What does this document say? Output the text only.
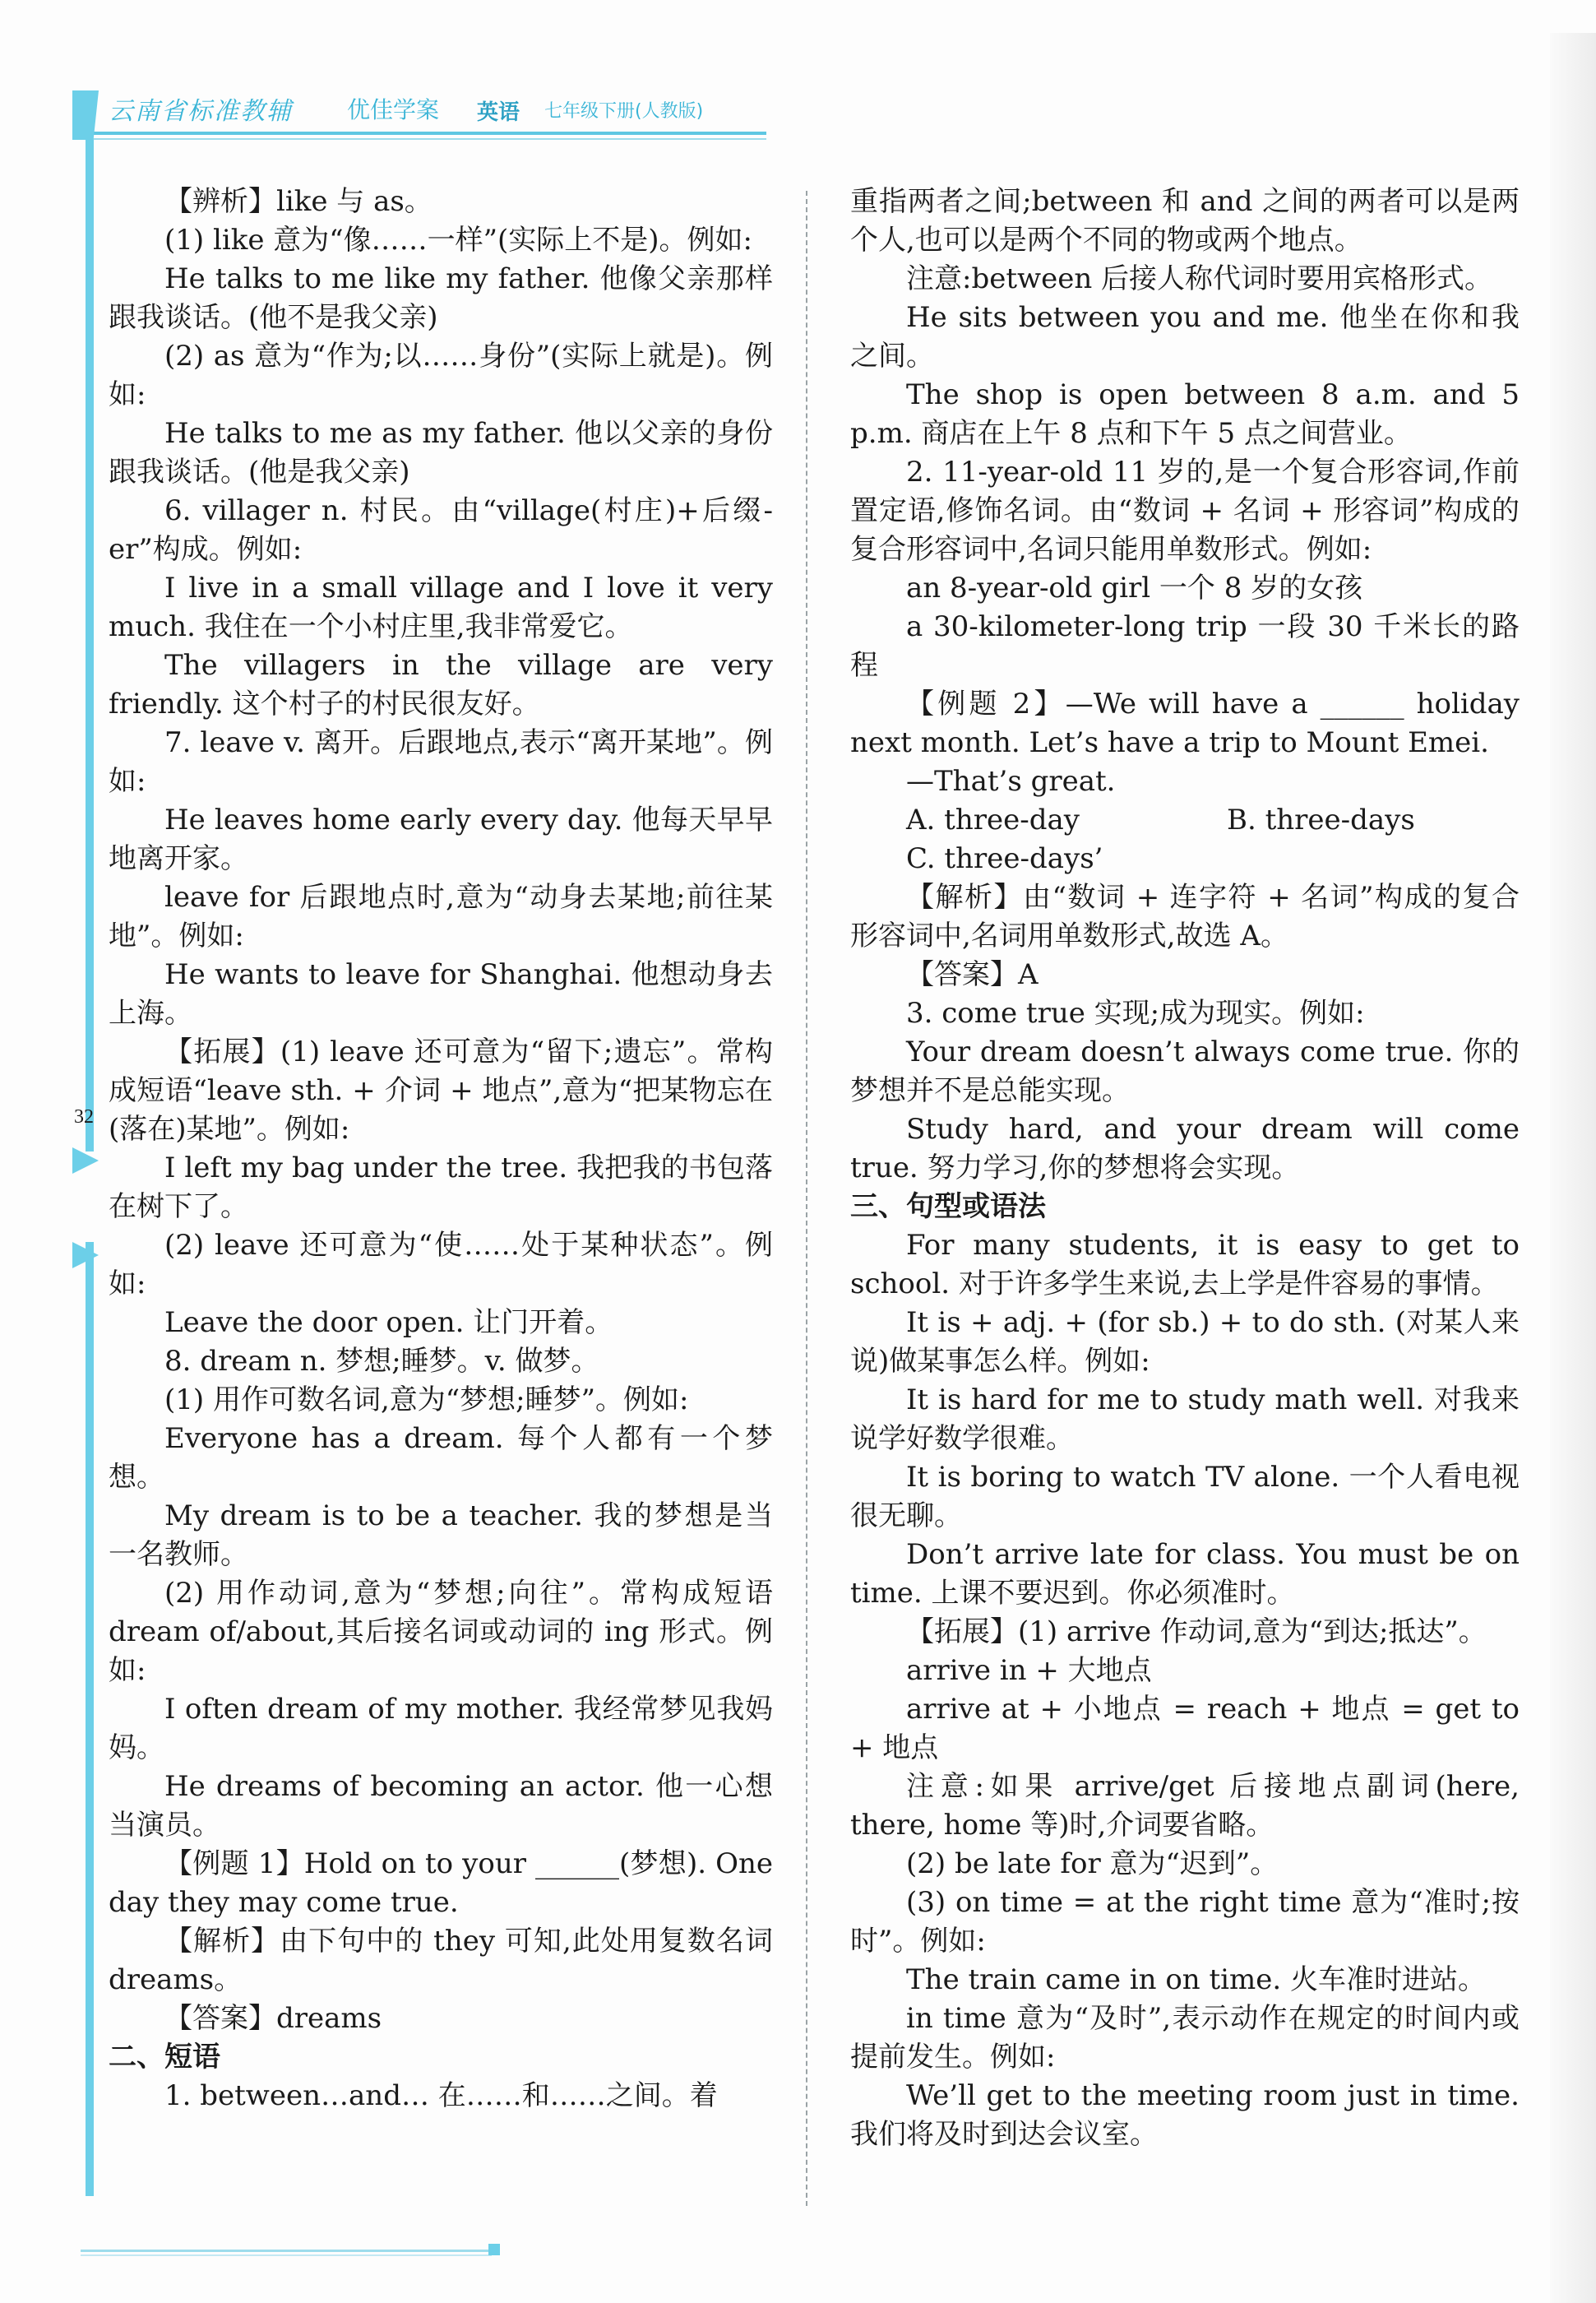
云南省标准教辅 优佳学案 英语 七年级下册(人教版)
32

【辨析】like 与 as。

(1) like 意为“像……一样”(实际上不是)。例如:

He talks to me like my father. 他像父亲那样跟我谈话。(他不是我父亲)

(2) as 意为“作为;以……身份”(实际上就是)。例如:

He talks to me as my father. 他以父亲的身份跟我谈话。(他是我父亲)

6. villager n. 村民。由“village(村庄)+后缀-er”构成。例如:

I live in a small village and I love it very much. 我住在一个小村庄里,我非常爱它。

The villagers in the village are very friendly. 这个村子的村民很友好。

7. leave v. 离开。后跟地点,表示“离开某地”。例如:

He leaves home early every day. 他每天早早地离开家。

leave for 后跟地点时,意为“动身去某地;前往某地”。例如:

He wants to leave for Shanghai. 他想动身去上海。

【拓展】(1) leave 还可意为“留下;遗忘”。常构成短语“leave sth. + 介词 + 地点”,意为“把某物忘在(落在)某地”。例如:

I left my bag under the tree. 我把我的书包落在树下了。

(2) leave 还可意为“使……处于某种状态”。例如:

Leave the door open. 让门开着。

8. dream n. 梦想;睡梦。v. 做梦。

(1) 用作可数名词,意为“梦想;睡梦”。例如:

Everyone has a dream. 每个人都有一个梦想。

My dream is to be a teacher. 我的梦想是当一名教师。

(2) 用作动词,意为“梦想;向往”。常构成短语 dream of/about,其后接名词或动词的 ing 形式。例如:

I often dream of my mother. 我经常梦见我妈妈。

He dreams of becoming an actor. 他一心想当演员。

【例题 1】Hold on to your ______(梦想). One day they may come true.

【解析】由下句中的 they 可知,此处用复数名词 dreams。

【答案】dreams

二、短语

1. between…and… 在……和……之间。着

重指两者之间;between 和 and 之间的两者可以是两个人,也可以是两个不同的物或两个地点。

注意:between 后接人称代词时要用宾格形式。

He sits between you and me. 他坐在你和我之间。

The shop is open between 8 a.m. and 5 p.m. 商店在上午 8 点和下午 5 点之间营业。

2. 11-year-old 11 岁的,是一个复合形容词,作前置定语,修饰名词。由“数词 + 名词 + 形容词”构成的复合形容词中,名词只能用单数形式。例如:

an 8-year-old girl 一个 8 岁的女孩

a 30-kilometer-long trip 一段 30 千米长的路程

【例题 2】—We will have a ______ holiday next month. Let’s have a trip to Mount Emei.

—That’s great.

A. three-day	B. three-days

C. three-days’

【解析】由“数词 + 连字符 + 名词”构成的复合形容词中,名词用单数形式,故选 A。

【答案】A

3. come true 实现;成为现实。例如:

Your dream doesn’t always come true. 你的梦想并不是总能实现。

Study hard, and your dream will come true. 努力学习,你的梦想将会实现。

三、句型或语法

For many students, it is easy to get to school. 对于许多学生来说,去上学是件容易的事情。

It is + adj. + (for sb.) + to do sth. (对某人来说)做某事怎么样。例如:

It is hard for me to study math well. 对我来说学好数学很难。

It is boring to watch TV alone. 一个人看电视很无聊。

Don’t arrive late for class. You must be on time. 上课不要迟到。你必须准时。

【拓展】(1) arrive 作动词,意为“到达;抵达”。

arrive in + 大地点

arrive at + 小地点 = reach + 地点 = get to + 地点

注意:如果 arrive/get 后接地点副词(here, there, home 等)时,介词要省略。

(2) be late for 意为“迟到”。

(3) on time = at the right time 意为“准时;按时”。例如:

The train came in on time. 火车准时进站。

in time 意为“及时”,表示动作在规定的时间内或提前发生。例如:

We’ll get to the meeting room just in time. 我们将及时到达会议室。
